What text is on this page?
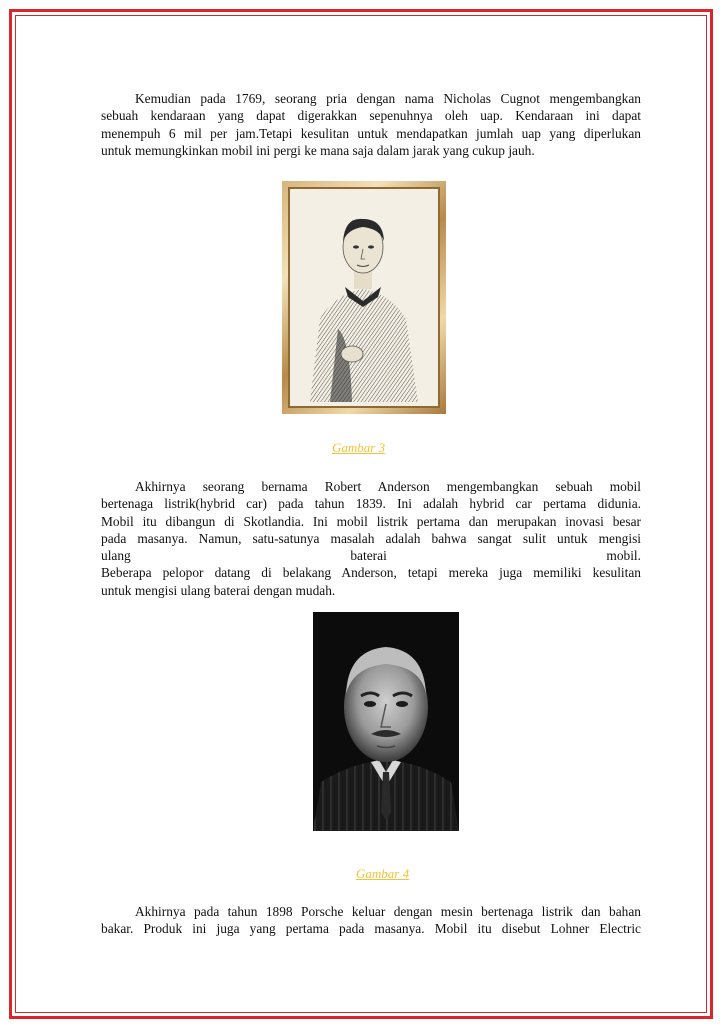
Kemudian pada 1769, seorang pria dengan nama Nicholas Cugnot mengembangkan
sebuah kendaraan yang dapat digerakkan sepenuhnya oleh uap. Kendaraan ini dapat
menempuh 6 mil per jam.Tetapi kesulitan untuk mendapatkan jumlah uap yang diperlukan
untuk memungkinkan mobil ini pergi ke mana saja dalam jarak yang cukup jauh.

Gambar 3

Akhirnya seorang bernama Robert Anderson mengembangkan sebuah mobil
bertenaga listrik(hybrid car) pada tahun 1839. Ini adalah hybrid car pertama didunia.
Mobil itu dibangun di Skotlandia. Ini mobil listrik pertama dan merupakan inovasi besar
pada masanya. Namun, satu-satunya masalah adalah bahwa sangat sulit untuk mengisi
ulang baterai mobil.
Beberapa pelopor datang di belakang Anderson, tetapi mereka juga memiliki kesulitan
untuk mengisi ulang baterai dengan mudah.

Gambar 4

Akhirnya pada tahun 1898 Porsche keluar dengan mesin bertenaga listrik dan bahan
bakar. Produk ini juga yang pertama pada masanya. Mobil itu disebut Lohner Electric
